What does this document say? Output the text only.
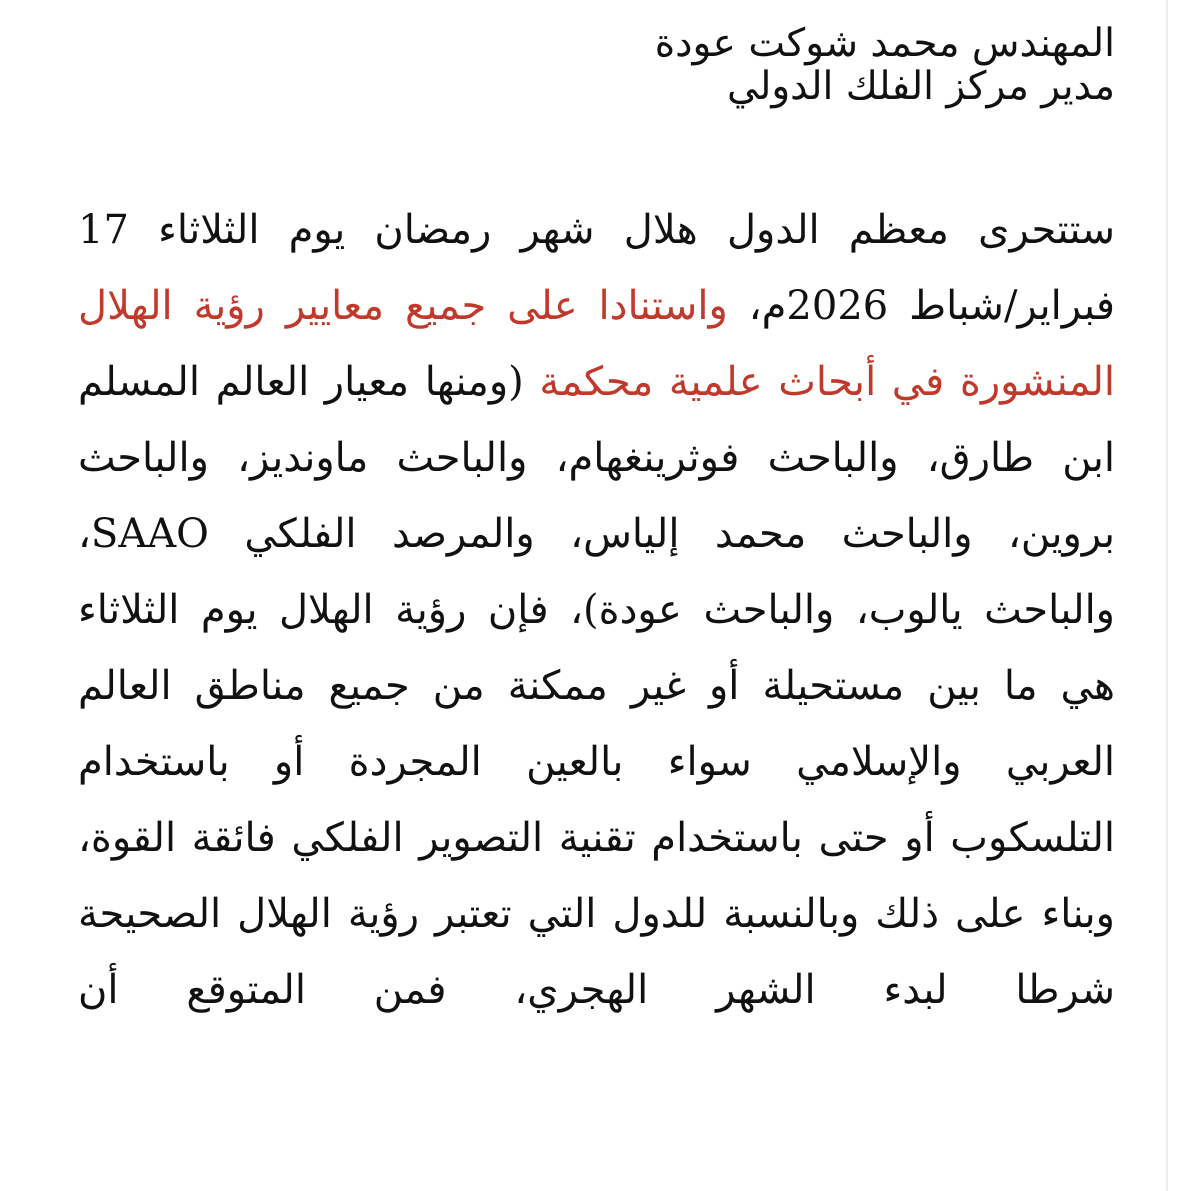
المهندس محمد شوكت عودة
مدير مركز الفلك الدولي

ستتحرى معظم الدول هلال شهر رمضان يوم الثلاثاء 17 فبراير/شباط 2026م، واستنادا على جميع معايير رؤية الهلال المنشورة في أبحاث علمية محكمة (ومنها معيار العالم المسلم ابن طارق، والباحث فوثرينغهام، والباحث ماونديز، والباحث بروين، والباحث محمد إلياس، والمرصد الفلكي SAAO، والباحث يالوب، والباحث عودة)، فإن رؤية الهلال يوم الثلاثاء هي ما بين مستحيلة أو غير ممكنة من جميع مناطق العالم العربي والإسلامي سواء بالعين المجردة أو باستخدام التلسكوب أو حتى باستخدام تقنية التصوير الفلكي فائقة القوة، وبناء على ذلك وبالنسبة للدول التي تعتبر رؤية الهلال الصحيحة شرطا لبدء الشهر الهجري، فمن المتوقع أن
